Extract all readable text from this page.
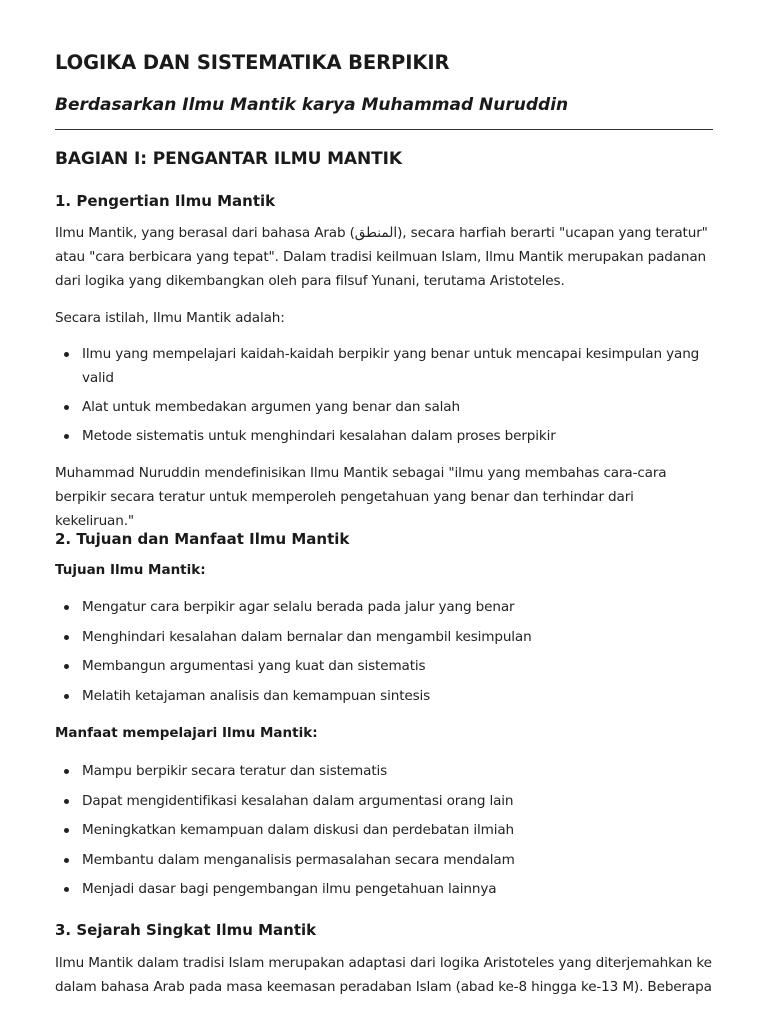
LOGIKA DAN SISTEMATIKA BERPIKIR
Berdasarkan Ilmu Mantik karya Muhammad Nuruddin
BAGIAN I: PENGANTAR ILMU MANTIK
1. Pengertian Ilmu Mantik

Ilmu Mantik, yang berasal dari bahasa Arab (المنطق), secara harfiah berarti "ucapan yang teratur" atau "cara berbicara yang tepat". Dalam tradisi keilmuan Islam, Ilmu Mantik merupakan padanan dari logika yang dikembangkan oleh para filsuf Yunani, terutama Aristoteles.

Secara istilah, Ilmu Mantik adalah:

Ilmu yang mempelajari kaidah-kaidah berpikir yang benar untuk mencapai kesimpulan yang valid
Alat untuk membedakan argumen yang benar dan salah
Metode sistematis untuk menghindari kesalahan dalam proses berpikir

Muhammad Nuruddin mendefinisikan Ilmu Mantik sebagai "ilmu yang membahas cara-cara berpikir secara teratur untuk memperoleh pengetahuan yang benar dan terhindar dari kekeliruan."

2. Tujuan dan Manfaat Ilmu Mantik
Tujuan Ilmu Mantik:
Mengatur cara berpikir agar selalu berada pada jalur yang benar
Menghindari kesalahan dalam bernalar dan mengambil kesimpulan
Membangun argumentasi yang kuat dan sistematis
Melatih ketajaman analisis dan kemampuan sintesis
Manfaat mempelajari Ilmu Mantik:
Mampu berpikir secara teratur dan sistematis
Dapat mengidentifikasi kesalahan dalam argumentasi orang lain
Meningkatkan kemampuan dalam diskusi dan perdebatan ilmiah
Membantu dalam menganalisis permasalahan secara mendalam
Menjadi dasar bagi pengembangan ilmu pengetahuan lainnya
3. Sejarah Singkat Ilmu Mantik

Ilmu Mantik dalam tradisi Islam merupakan adaptasi dari logika Aristoteles yang diterjemahkan ke dalam bahasa Arab pada masa keemasan peradaban Islam (abad ke-8 hingga ke-13 M). Beberapa
